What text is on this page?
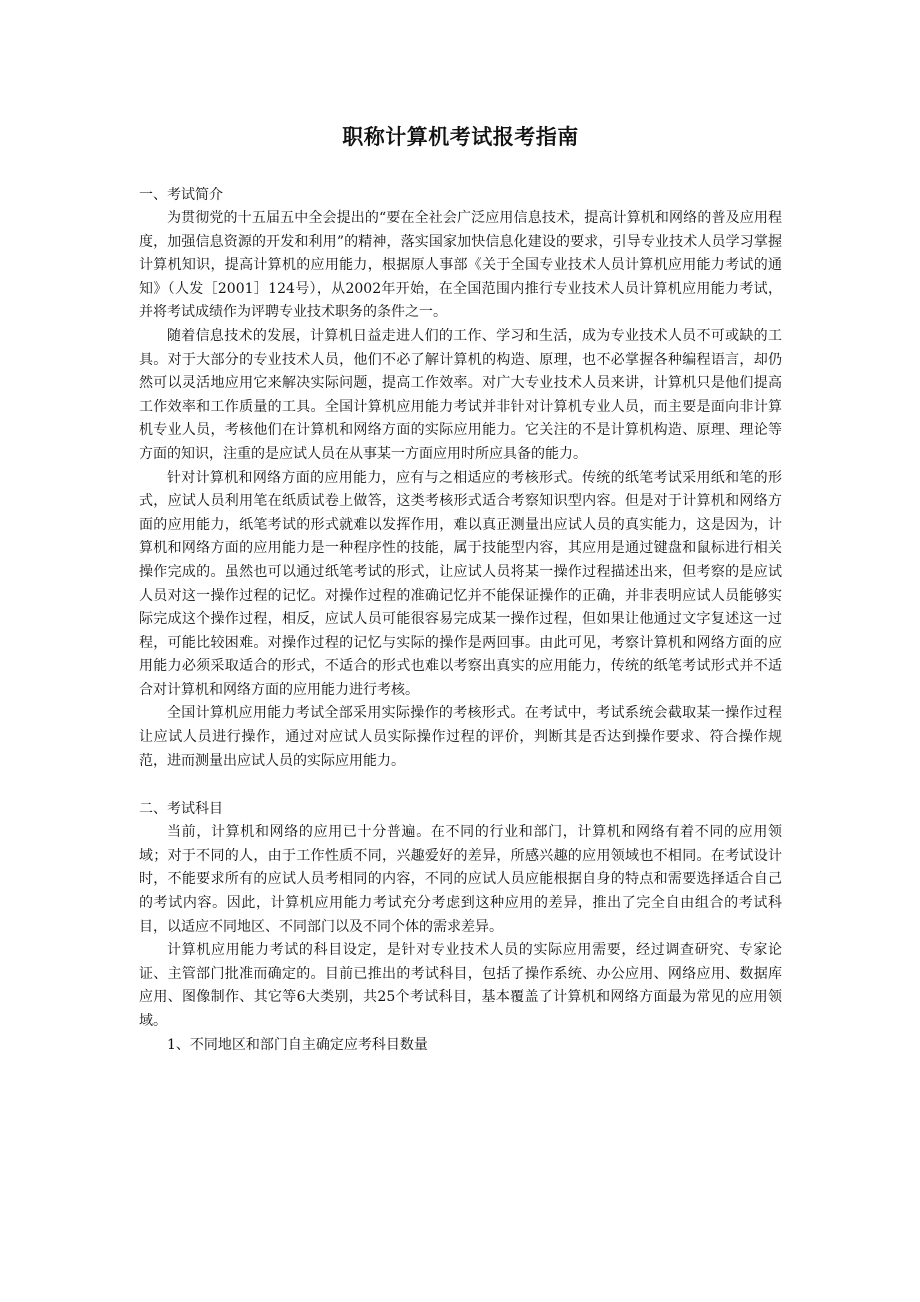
职称计算机考试报考指南

一、考试简介

为贯彻党的十五届五中全会提出的“要在全社会广泛应用信息技术，提高计算机和网络的普及应用程度，加强信息资源的开发和利用”的精神，落实国家加快信息化建设的要求，引导专业技术人员学习掌握计算机知识，提高计算机的应用能力，根据原人事部《关于全国专业技术人员计算机应用能力考试的通知》（人发［2001］124号），从2002年开始，在全国范围内推行专业技术人员计算机应用能力考试，并将考试成绩作为评聘专业技术职务的条件之一。

随着信息技术的发展，计算机日益走进人们的工作、学习和生活，成为专业技术人员不可或缺的工具。对于大部分的专业技术人员，他们不必了解计算机的构造、原理，也不必掌握各种编程语言，却仍然可以灵活地应用它来解决实际问题，提高工作效率。对广大专业技术人员来讲，计算机只是他们提高工作效率和工作质量的工具。全国计算机应用能力考试并非针对计算机专业人员，而主要是面向非计算机专业人员，考核他们在计算机和网络方面的实际应用能力。它关注的不是计算机构造、原理、理论等方面的知识，注重的是应试人员在从事某一方面应用时所应具备的能力。

针对计算机和网络方面的应用能力，应有与之相适应的考核形式。传统的纸笔考试采用纸和笔的形式，应试人员利用笔在纸质试卷上做答，这类考核形式适合考察知识型内容。但是对于计算机和网络方面的应用能力，纸笔考试的形式就难以发挥作用，难以真正测量出应试人员的真实能力，这是因为，计算机和网络方面的应用能力是一种程序性的技能，属于技能型内容，其应用是通过键盘和鼠标进行相关操作完成的。虽然也可以通过纸笔考试的形式，让应试人员将某一操作过程描述出来，但考察的是应试人员对这一操作过程的记忆。对操作过程的准确记忆并不能保证操作的正确，并非表明应试人员能够实际完成这个操作过程，相反，应试人员可能很容易完成某一操作过程，但如果让他通过文字复述这一过程，可能比较困难。对操作过程的记忆与实际的操作是两回事。由此可见，考察计算机和网络方面的应用能力必须采取适合的形式，不适合的形式也难以考察出真实的应用能力，传统的纸笔考试形式并不适合对计算机和网络方面的应用能力进行考核。

全国计算机应用能力考试全部采用实际操作的考核形式。在考试中，考试系统会截取某一操作过程让应试人员进行操作，通过对应试人员实际操作过程的评价，判断其是否达到操作要求、符合操作规范，进而测量出应试人员的实际应用能力。

二、考试科目

当前，计算机和网络的应用已十分普遍。在不同的行业和部门，计算机和网络有着不同的应用领域；对于不同的人，由于工作性质不同，兴趣爱好的差异，所感兴趣的应用领域也不相同。在考试设计时，不能要求所有的应试人员考相同的内容，不同的应试人员应能根据自身的特点和需要选择适合自己的考试内容。因此，计算机应用能力考试充分考虑到这种应用的差异，推出了完全自由组合的考试科目，以适应不同地区、不同部门以及不同个体的需求差异。

计算机应用能力考试的科目设定，是针对专业技术人员的实际应用需要，经过调查研究、专家论证、主管部门批准而确定的。目前已推出的考试科目，包括了操作系统、办公应用、网络应用、数据库应用、图像制作、其它等6大类别，共25个考试科目，基本覆盖了计算机和网络方面最为常见的应用领域。

1、不同地区和部门自主确定应考科目数量
